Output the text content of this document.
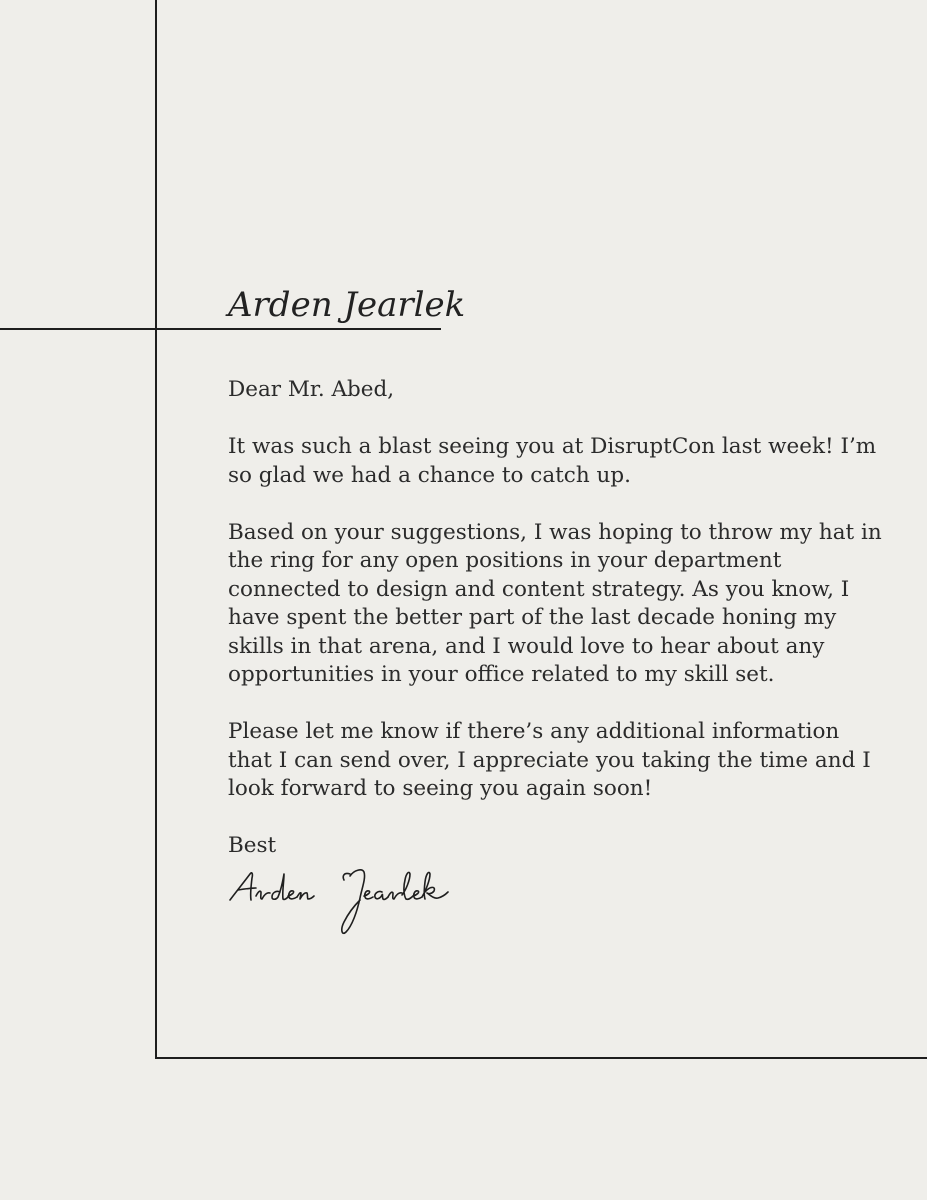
Arden Jearlek

Dear Mr. Abed,

It was such a blast seeing you at DisruptCon last week! I’m so glad we had a chance to catch up.

Based on your suggestions, I was hoping to throw my hat in the ring for any open positions in your department connected to design and content strategy. As you know, I have spent the better part of the last decade honing my skills in that arena, and I would love to hear about any opportunities in your office related to my skill set.

Please let me know if there’s any additional information that I can send over, I appreciate you taking the time and I look forward to seeing you again soon!

Best
